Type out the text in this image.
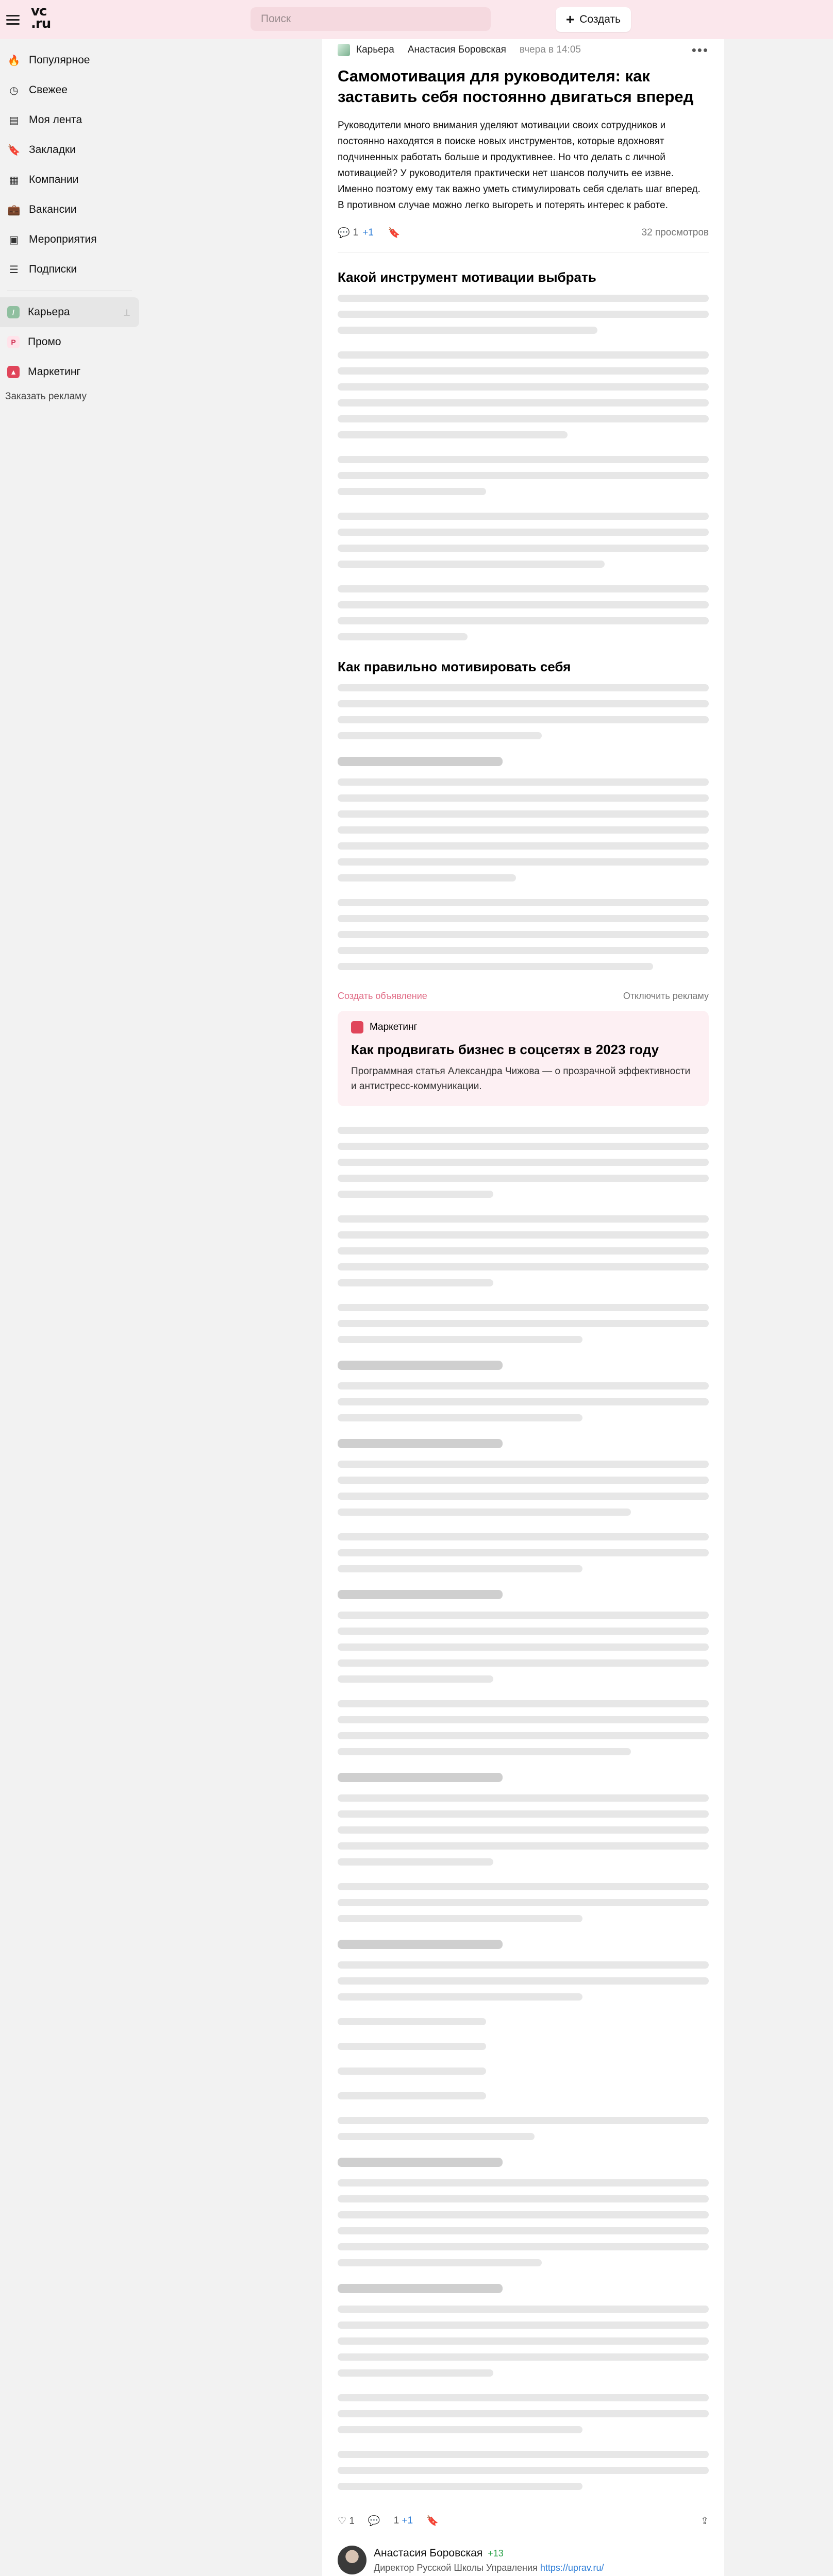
vc
.ru
Поиск	+ Создать
🔥 Популярное
◷ Свежее
▤ Моя лента
🔖 Закладки
▦ Компании
💼 Вакансии
▣ Мероприятия
☰ Подписки
/	Карьера	⟂
P	Промо
▲ Маркетинг
Заказать рекламу
Карьера Анастасия Боровская вчера в 14:05	•••
Самомотивация для руководителя: как заставить себя постоянно двигаться вперед

Руководители много внимания уделяют мотивации своих сотрудников и постоянно находятся в поиске новых инструментов, которые вдохновят подчиненных работать больше и продуктивнее. Но что делать с личной мотивацией? У руководителя практически нет шансов получить ее извне. Именно поэтому ему так важно уметь стимулировать себя сделать шаг вперед. В противном случае можно легко выгореть и потерять интерес к работе.

💬 1 +1 🔖	32 просмотров
Какой инструмент мотивации выбрать
Как правильно мотивировать себя
Создать объявление	Отключить рекламу
Маркетинг
Как продвигать бизнес в соцсетях в 2023 году
Программная статья Александра Чижова — о прозрачной эффективности и антистресс-коммуникации.
♡ 1 💬 1 +1 🔖	⇪
Анастасия Боровская +13
Директор Русской Школы Управления https://uprav.ru/
